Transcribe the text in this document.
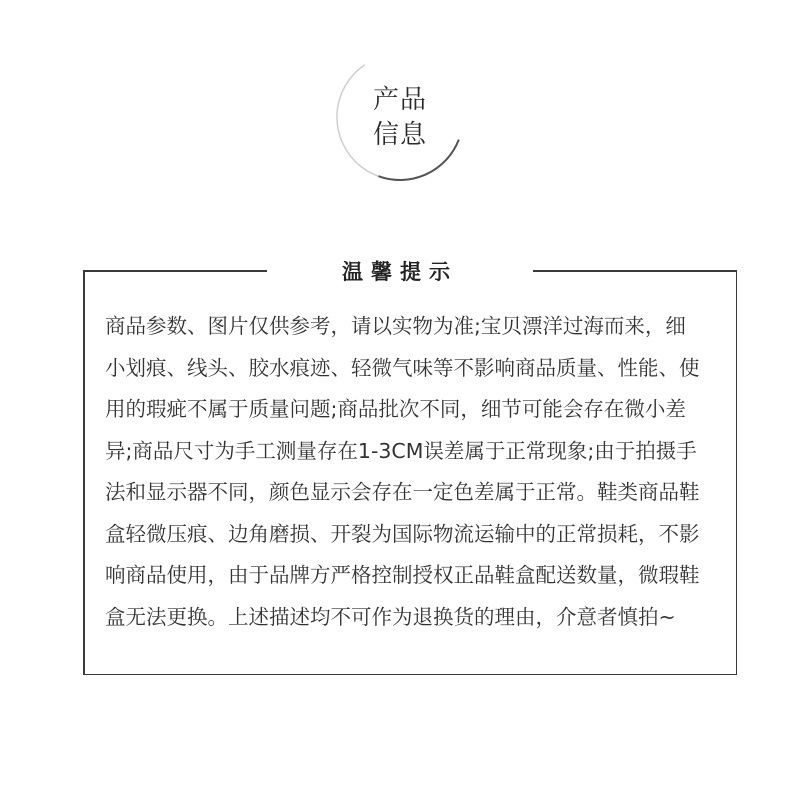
产品
信息
温馨提示
商品参数、图片仅供参考，请以实物为准;宝贝漂洋过海而来，细
小划痕、线头、胶水痕迹、轻微气味等不影响商品质量、性能、使
用的瑕疵不属于质量问题;商品批次不同，细节可能会存在微小差
异;商品尺寸为手工测量存在1-3CM误差属于正常现象;由于拍摄手
法和显示器不同，颜色显示会存在一定色差属于正常。鞋类商品鞋
盒轻微压痕、边角磨损、开裂为国际物流运输中的正常损耗，不影
响商品使用，由于品牌方严格控制授权正品鞋盒配送数量，微瑕鞋
盒无法更换。上述描述均不可作为退换货的理由，介意者慎拍~
